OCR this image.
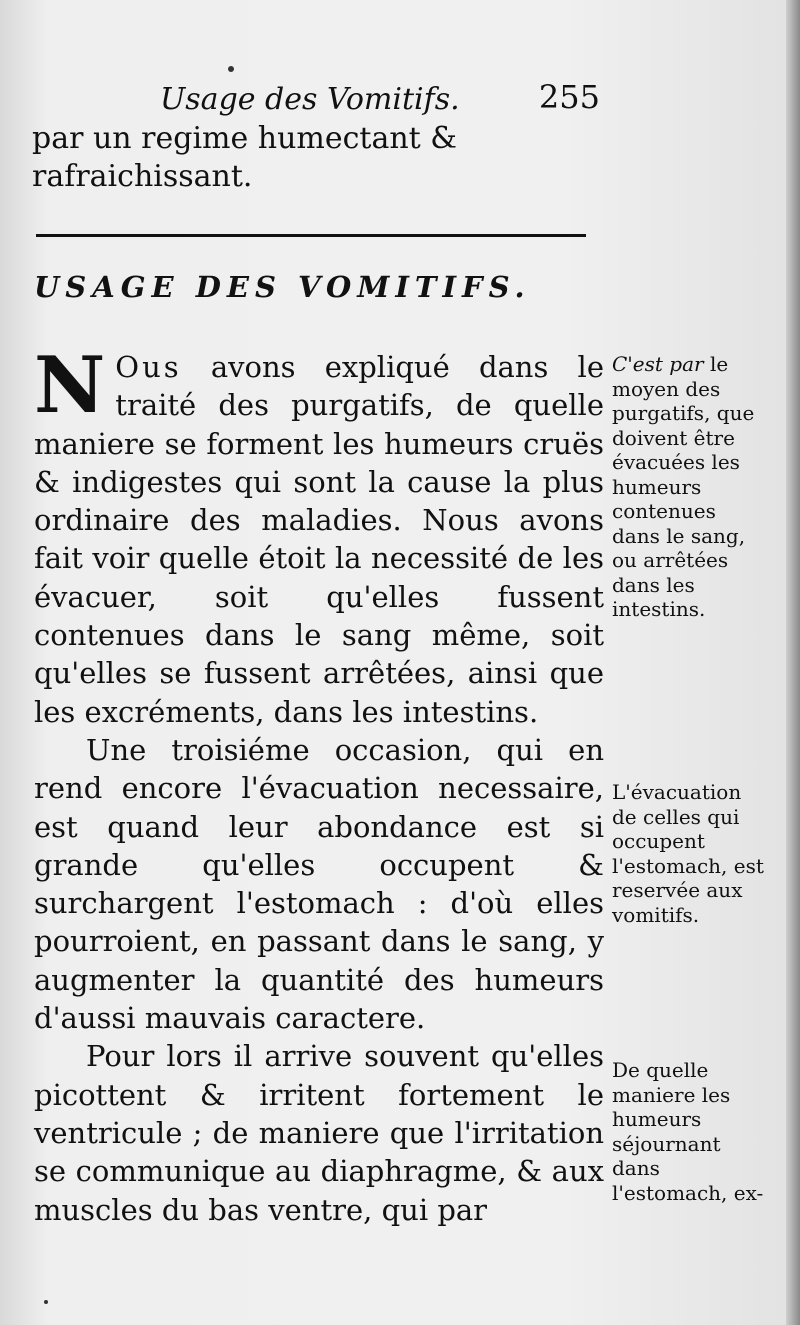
Usage des Vomitifs. 255
par un regime humectant & rafraichissant.
USAGE DES VOMITIFS.

N Ous avons expliqué dans le traité des purgatifs, de quelle maniere se forment les humeurs cruës & indigestes qui sont la cause la plus ordinaire des maladies. Nous avons fait voir quelle étoit la necessité de les évacuer, soit qu'elles fussent contenues dans le sang même, soit qu'elles se fussent arrêtées, ainsi que les excréments, dans les intestins.

Une troisiéme occasion, qui en rend encore l'évacuation necessaire, est quand leur abondance est si grande qu'elles occupent & surchargent l'estomach : d'où elles pourroient, en passant dans le sang, y augmenter la quantité des humeurs d'aussi mauvais caractere.

Pour lors il arrive souvent qu'elles picottent & irritent fortement le ventricule ; de maniere que l'irritation se communique au diaphragme, & aux muscles du bas ventre, qui par

C'est par le moyen des purgatifs, que doivent être évacuées les humeurs contenues dans le sang, ou arrêtées dans les intestins.
L'évacuation de celles qui occupent l'estomach, est reservée aux vomitifs.
De quelle maniere les humeurs séjournant dans l'estomach, ex-
